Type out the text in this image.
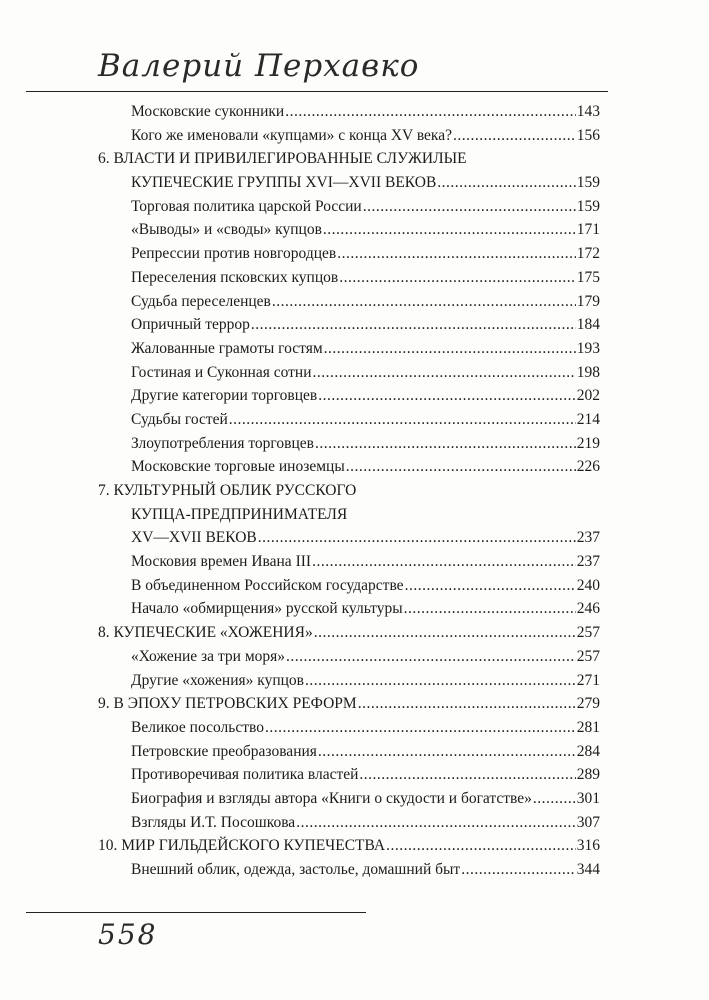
Валерий Перхавко
Московские суконники .....	143
Кого же именовали «купцами» с конца XV века? .....	156
6. ВЛАСТИ И ПРИВИЛЕГИРОВАННЫЕ СЛУЖИЛЫЕ
КУПЕЧЕСКИЕ ГРУППЫ XVI—XVII ВЕКОВ .....	159
Торговая политика царской России .....	159
«Выводы» и «своды» купцов .....	171
Репрессии против новгородцев .....	172
Переселения псковских купцов .....	175
Судьба переселенцев .....	179
Опричный террор .....	184
Жалованные грамоты гостям .....	193
Гостиная и Суконная сотни .....	198
Другие категории торговцев .....	202
Судьбы гостей .....	214
Злоупотребления торговцев .....	219
Московские торговые иноземцы .....	226
7. КУЛЬТУРНЫЙ ОБЛИК РУССКОГО
КУПЦА-ПРЕДПРИНИМАТЕЛЯ
XV—XVII ВЕКОВ .....	237
Московия времен Ивана III .....	237
В объединенном Российском государстве .....	240
Начало «обмирщения» русской культуры .....	246
8. КУПЕЧЕСКИЕ «ХОЖЕНИЯ» .....	257
«Хожение за три моря» .....	257
Другие «хожения» купцов .....	271
9. В ЭПОХУ ПЕТРОВСКИХ РЕФОРМ .....	279
Великое посольство .....	281
Петровские преобразования .....	284
Противоречивая политика властей .....	289
Биография и взгляды автора «Книги о скудости и богатстве» .....	301
Взгляды И.Т. Посошкова .....	307
10. МИР ГИЛЬДЕЙСКОГО КУПЕЧЕСТВА .....	316
Внешний облик, одежда, застолье, домашний быт .....	344
558
